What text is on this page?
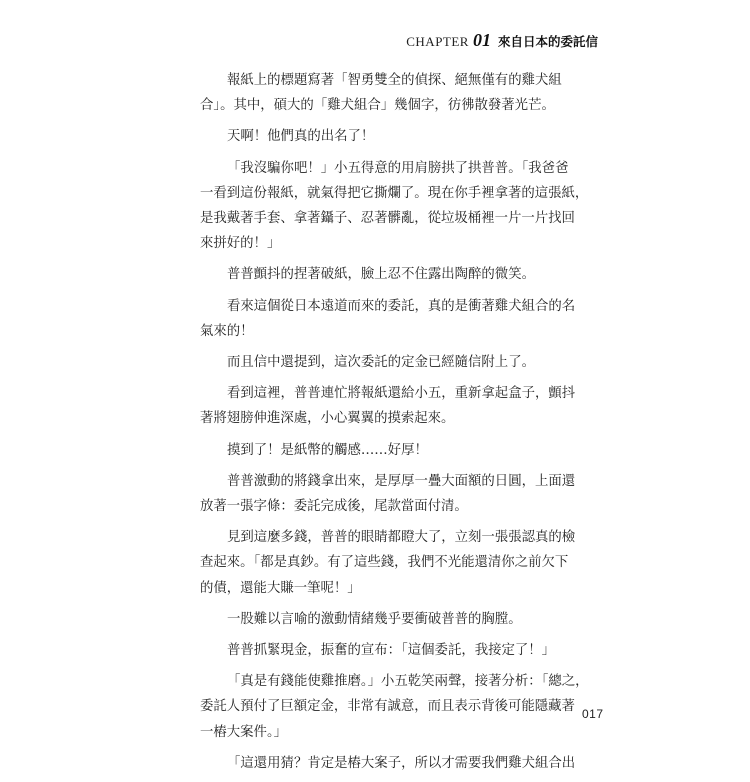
CHAPTER 01 來自日本的委託信
報紙上的標題寫著「智勇雙全的偵探、絕無僅有的雞犬組
合」。其中，碩大的「雞犬組合」幾個字，彷彿散發著光芒。
天啊！他們真的出名了！
「我沒騙你吧！」小五得意的用肩膀拱了拱普普。「我爸爸
一看到這份報紙，就氣得把它撕爛了。現在你手裡拿著的這張紙，
是我戴著手套、拿著鑷子、忍著髒亂，從垃圾桶裡一片一片找回
來拼好的！」
普普顫抖的捏著破紙，臉上忍不住露出陶醉的微笑。
看來這個從日本遠道而來的委託，真的是衝著雞犬組合的名
氣來的！
而且信中還提到，這次委託的定金已經隨信附上了。
看到這裡，普普連忙將報紙還給小五，重新拿起盒子，顫抖
著將翅膀伸進深處，小心翼翼的摸索起來。
摸到了！是紙幣的觸感……好厚！
普普激動的將錢拿出來，是厚厚一疊大面額的日圓，上面還
放著一張字條：委託完成後，尾款當面付清。
見到這麼多錢，普普的眼睛都瞪大了，立刻一張張認真的檢
查起來。「都是真鈔。有了這些錢，我們不光能還清你之前欠下
的債，還能大賺一筆呢！」
一股難以言喻的激動情緒幾乎要衝破普普的胸膛。
普普抓緊現金，振奮的宣布：「這個委託，我接定了！」
「真是有錢能使雞推磨。」小五乾笑兩聲，接著分析：「總之，
委託人預付了巨額定金，非常有誠意，而且表示背後可能隱藏著
一樁大案件。」
「這還用猜？肯定是樁大案子，所以才需要我們雞犬組合出
017
